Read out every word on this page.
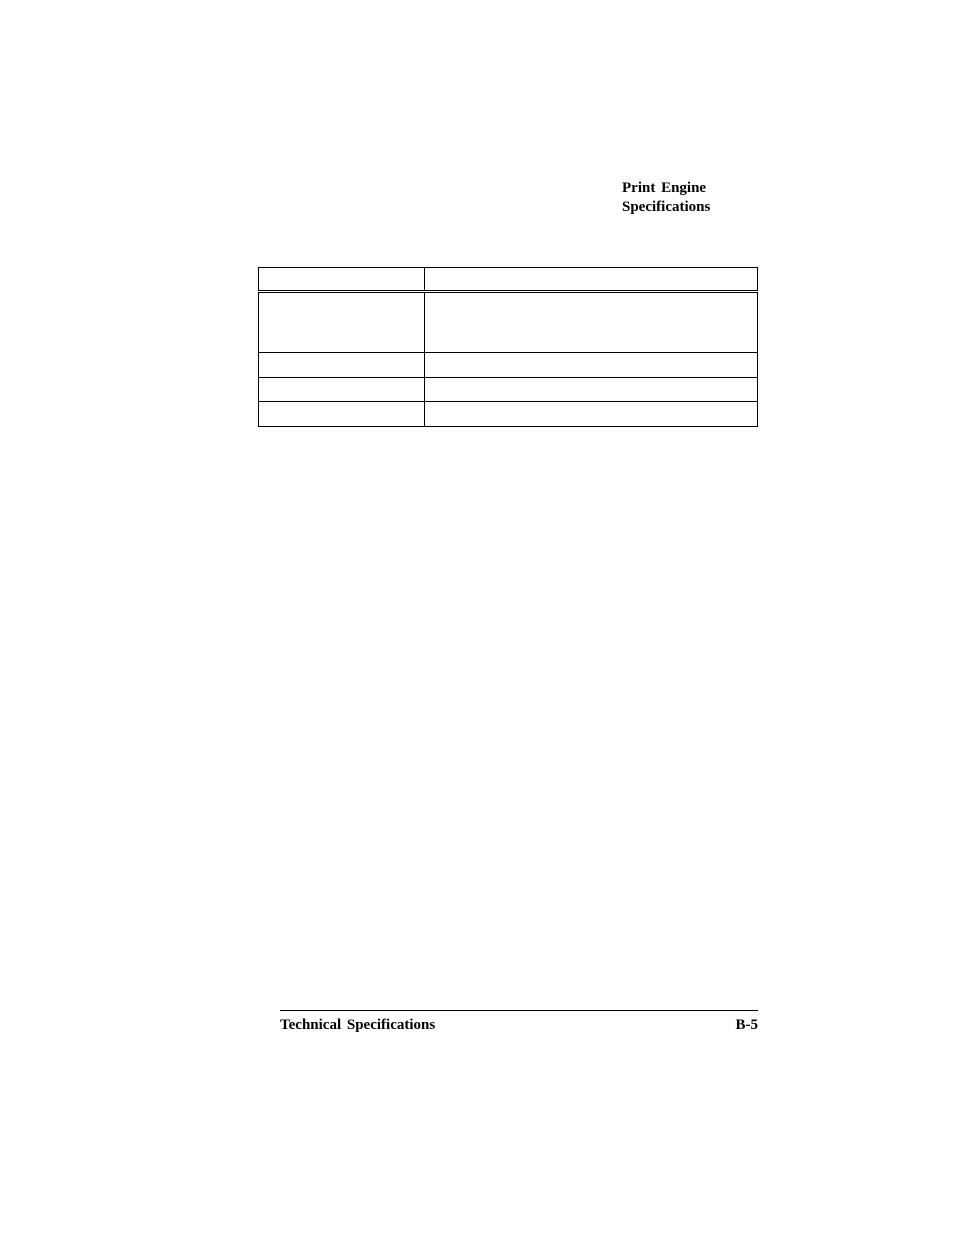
Print Engine
Specifications

Technical Specifications	B-5
